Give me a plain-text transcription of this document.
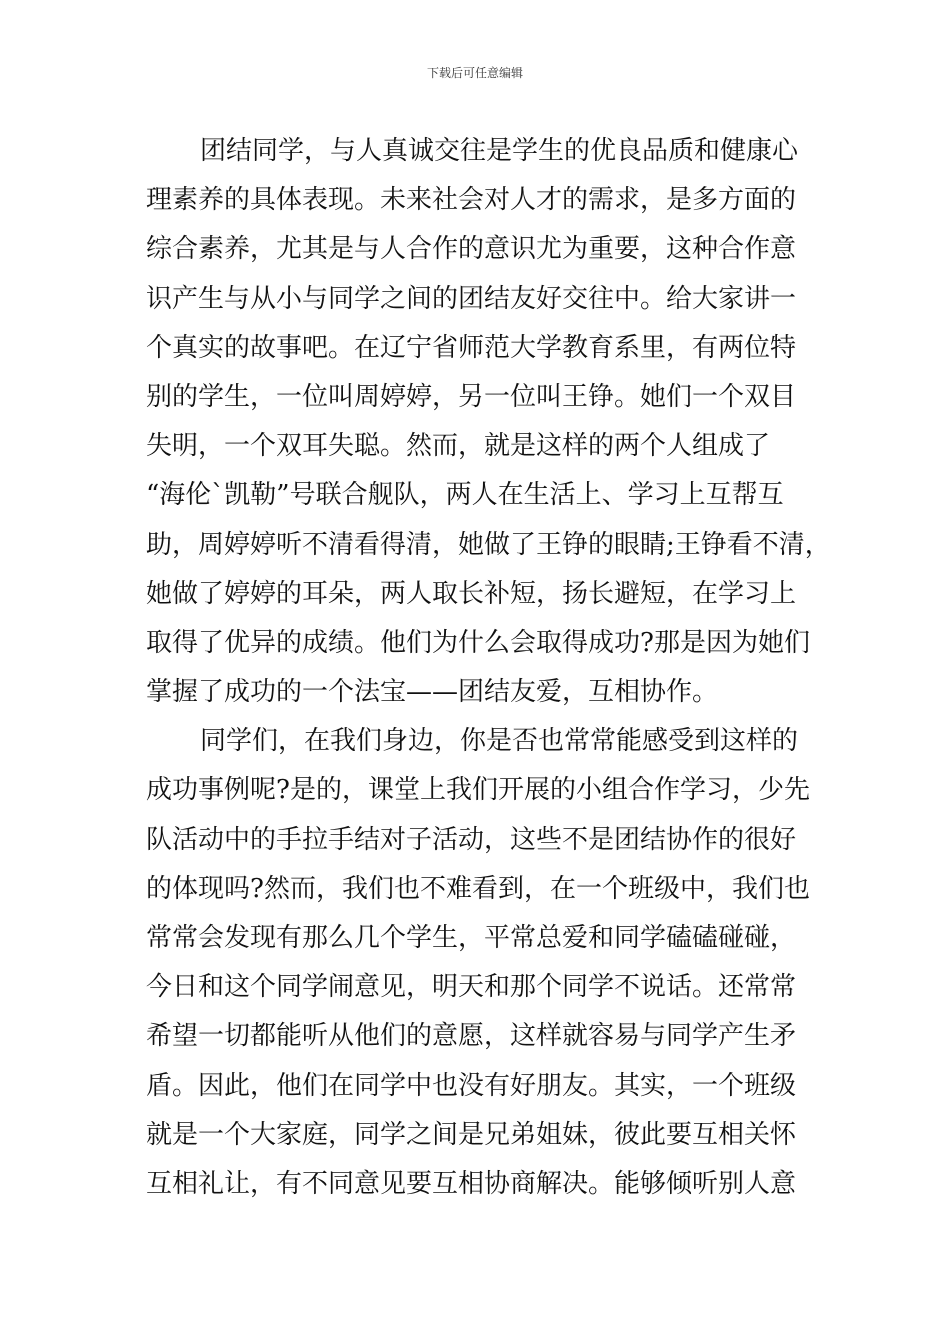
下载后可任意编辑
团结同学，与人真诚交往是学生的优良品质和健康心
理素养的具体表现。未来社会对人才的需求，是多方面的
综合素养，尤其是与人合作的意识尤为重要，这种合作意
识产生与从小与同学之间的团结友好交往中。给大家讲一
个真实的故事吧。在辽宁省师范大学教育系里，有两位特
别的学生，一位叫周婷婷，另一位叫王铮。她们一个双目
失明，一个双耳失聪。然而，就是这样的两个人组成了
“海伦`凯勒”号联合舰队，两人在生活上、学习上互帮互
助，周婷婷听不清看得清，她做了王铮的眼睛;王铮看不清，
她做了婷婷的耳朵，两人取长补短，扬长避短，在学习上
取得了优异的成绩。他们为什么会取得成功?那是因为她们
掌握了成功的一个法宝——团结友爱，互相协作。
同学们，在我们身边，你是否也常常能感受到这样的
成功事例呢?是的，课堂上我们开展的小组合作学习，少先
队活动中的手拉手结对子活动，这些不是团结协作的很好
的体现吗?然而，我们也不难看到，在一个班级中，我们也
常常会发现有那么几个学生，平常总爱和同学磕磕碰碰，
今日和这个同学闹意见，明天和那个同学不说话。还常常
希望一切都能听从他们的意愿，这样就容易与同学产生矛
盾。因此，他们在同学中也没有好朋友。其实，一个班级
就是一个大家庭，同学之间是兄弟姐妹，彼此要互相关怀
互相礼让，有不同意见要互相协商解决。能够倾听别人意
